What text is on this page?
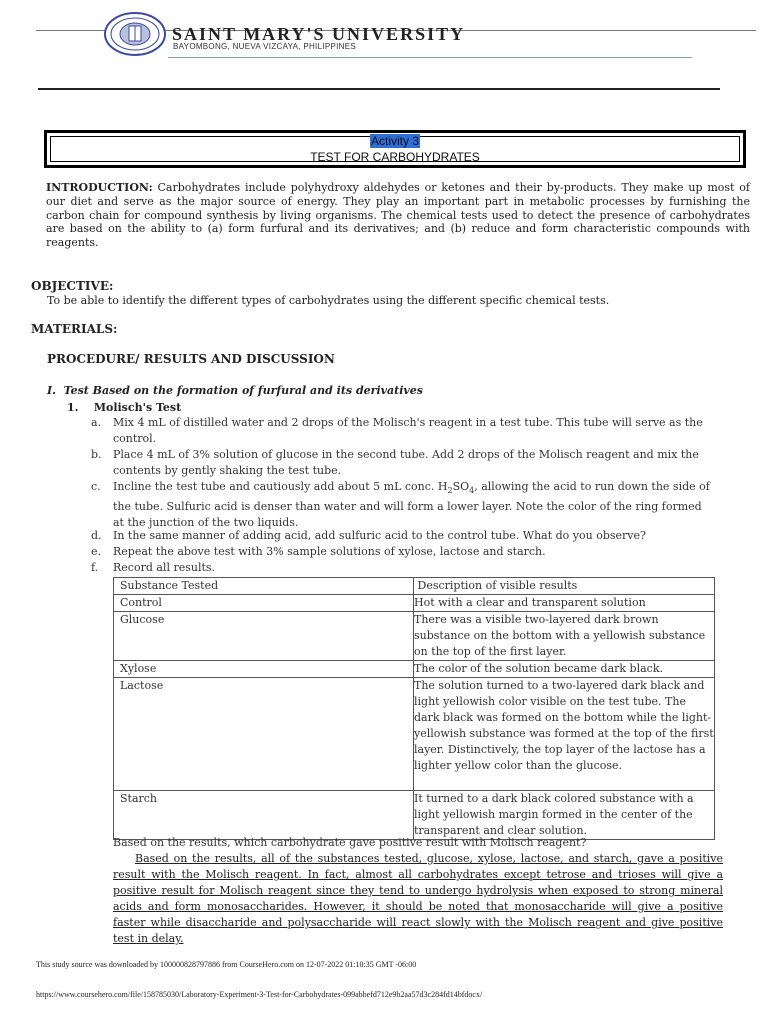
SAINT MARY'S UNIVERSITY
BAYOMBONG, NUEVA VIZCAYA, PHILIPPINES
Activity 3
TEST FOR CARBOHYDRATES
INTRODUCTION: Carbohydrates include polyhydroxy aldehydes or ketones and their by-products. They make up most of our diet and serve as the major source of energy. They play an important part in metabolic processes by furnishing the carbon chain for compound synthesis by living organisms. The chemical tests used to detect the presence of carbohydrates are based on the ability to (a) form furfural and its derivatives; and (b) reduce and form characteristic compounds with reagents.
OBJECTIVE:
To be able to identify the different types of carbohydrates using the different specific chemical tests.
MATERIALS:
PROCEDURE/ RESULTS AND DISCUSSION
I. Test Based on the formation of furfural and its derivatives
1. Molisch's Test
a. Mix 4 mL of distilled water and 2 drops of the Molisch's reagent in a test tube. This tube will serve as the control.
b. Place 4 mL of 3% solution of glucose in the second tube. Add 2 drops of the Molisch reagent and mix the contents by gently shaking the test tube.
c. Incline the test tube and cautiously add about 5 mL conc. $H_2SO_4$, allowing the acid to run down the side of the tube. Sulfuric acid is denser than water and will form a lower layer. Note the color of the ring formed at the junction of the two liquids.
d. In the same manner of adding acid, add sulfuric acid to the control tube. What do you observe?
e. Repeat the above test with 3% sample solutions of xylose, lactose and starch.
f. Record all results.
Substance Tested	Description of visible results
Control	Hot with a clear and transparent solution
Glucose	There was a visible two-layered dark brown substance on the bottom with a yellowish substance on the top of the first layer.
Xylose	The color of the solution became dark black.
Lactose	The solution turned to a two-layered dark black and light yellowish color visible on the test tube. The dark black was formed on the bottom while the light-yellowish substance was formed at the top of the first layer. Distinctively, the top layer of the lactose has a lighter yellow color than the glucose.
Starch	It turned to a dark black colored substance with a light yellowish margin formed in the center of the transparent and clear solution.
Based on the results, which carbohydrate gave positive result with Molisch reagent?
Based on the results, all of the substances tested, glucose, xylose, lactose, and starch, gave a positive result with the Molisch reagent. In fact, almost all carbohydrates except tetrose and trioses will give a positive result for Molisch reagent since they tend to undergo hydrolysis when exposed to strong mineral acids and form monosaccharides. However, it should be noted that monosaccharide will give a positive faster while disaccharide and polysaccharide will react slowly with the Molisch reagent and give positive test in delay.
This study source was downloaded by 100000828797886 from CourseHero.com on 12-07-2022 01:10:35 GMT -06:00
https://www.coursehero.com/file/158785030/Laboratory-Experiment-3-Test-for-Carbohydrates-099abbefd712e9b2aa57d3c284fd14bfdocx/
